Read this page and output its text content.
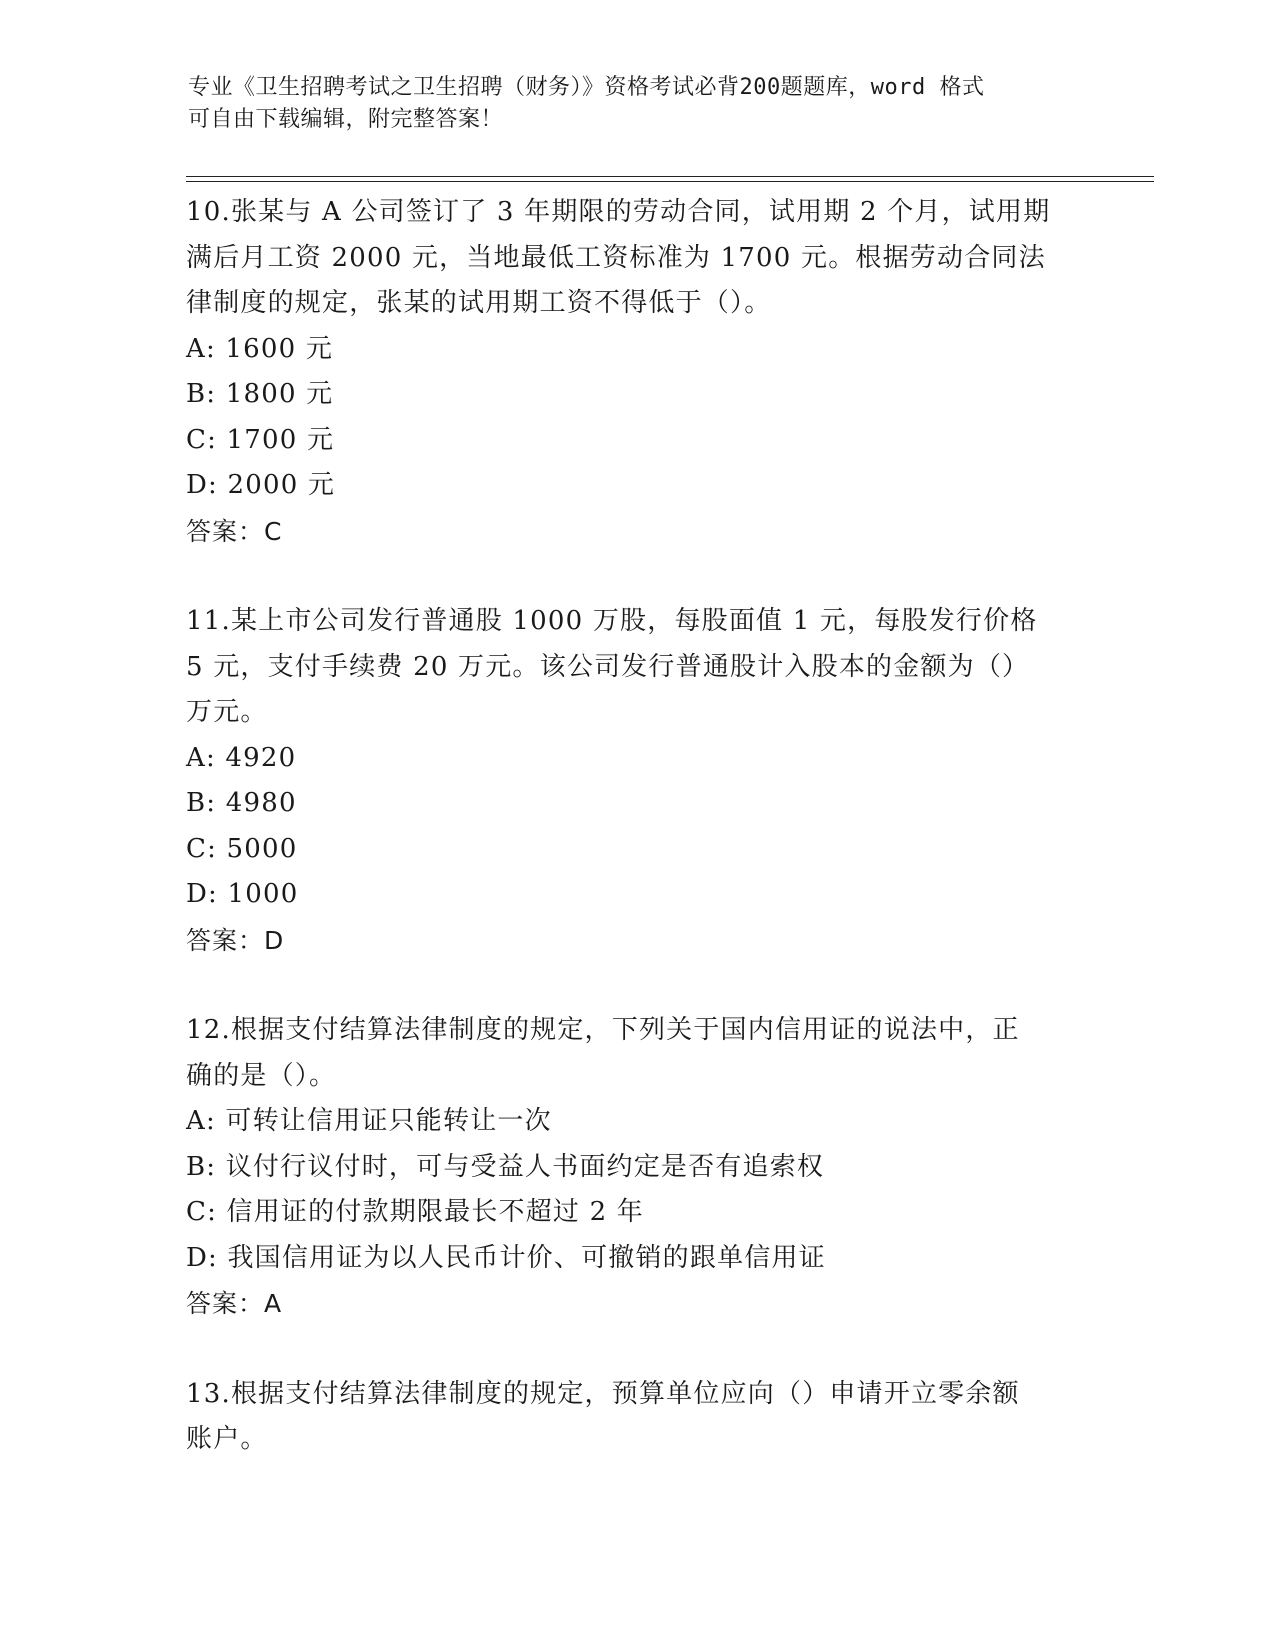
专业《卫生招聘考试之卫生招聘（财务）》资格考试必背200题题库，word 格式
可自由下载编辑，附完整答案！
10.张某与 A 公司签订了 3 年期限的劳动合同，试用期 2 个月，试用期
满后月工资 2000 元，当地最低工资标准为 1700 元。根据劳动合同法
律制度的规定，张某的试用期工资不得低于（）。
A: 1600 元
B: 1800 元
C: 1700 元
D: 2000 元
答案：C
11.某上市公司发行普通股 1000 万股，每股面值 1 元，每股发行价格
5 元，支付手续费 20 万元。该公司发行普通股计入股本的金额为（）
万元。
A: 4920
B: 4980
C: 5000
D: 1000
答案：D
12.根据支付结算法律制度的规定，下列关于国内信用证的说法中，正
确的是（）。
A: 可转让信用证只能转让一次
B: 议付行议付时，可与受益人书面约定是否有追索权
C: 信用证的付款期限最长不超过 2 年
D: 我国信用证为以人民币计价、可撤销的跟单信用证
答案：A
13.根据支付结算法律制度的规定，预算单位应向（）申请开立零余额
账户。
